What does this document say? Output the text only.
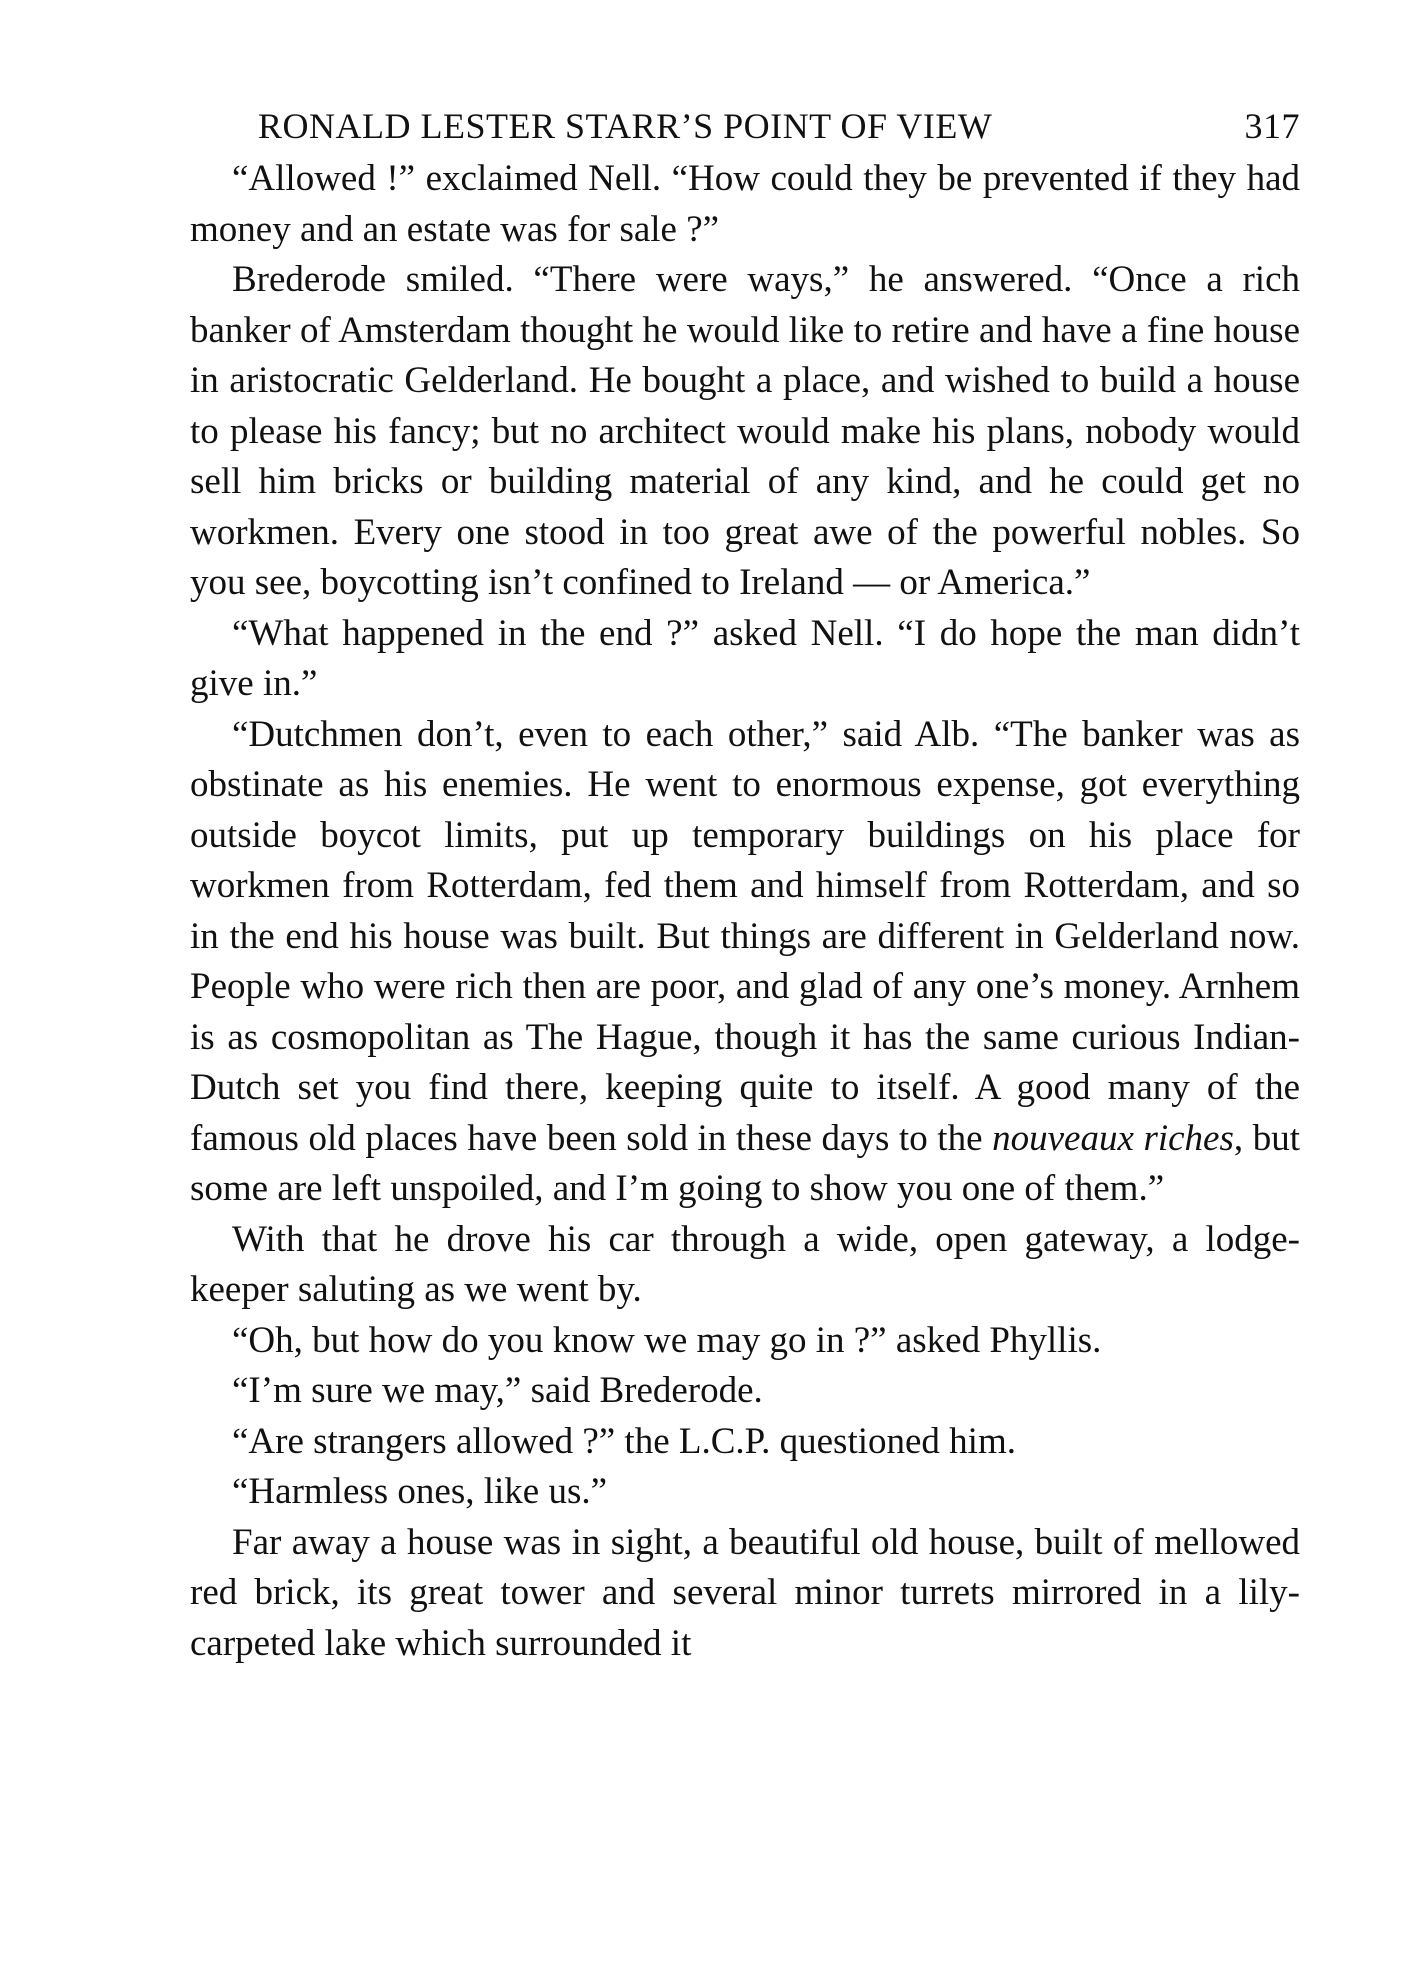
RONALD LESTER STARR’S POINT OF VIEW	317

“Allowed !” exclaimed Nell. “How could they be prevented if they had money and an estate was for sale ?”

Brederode smiled. “There were ways,” he answered. “Once a rich banker of Amsterdam thought he would like to retire and have a fine house in aristocratic Gelderland. He bought a place, and wished to build a house to please his fancy; but no architect would make his plans, nobody would sell him bricks or building material of any kind, and he could get no workmen. Every one stood in too great awe of the powerful nobles. So you see, boycotting isn’t confined to Ireland — or America.”

“What happened in the end ?” asked Nell. “I do hope the man didn’t give in.”

“Dutchmen don’t, even to each other,” said Alb. “The banker was as obstinate as his enemies. He went to enormous expense, got everything outside boycot limits, put up temporary buildings on his place for workmen from Rotterdam, fed them and himself from Rotterdam, and so in the end his house was built. But things are different in Gelderland now. People who were rich then are poor, and glad of any one’s money. Arnhem is as cosmopolitan as The Hague, though it has the same curious Indian-Dutch set you find there, keeping quite to itself. A good many of the famous old places have been sold in these days to the nouveaux riches, but some are left unspoiled, and I’m going to show you one of them.”

With that he drove his car through a wide, open gateway, a lodge-keeper saluting as we went by.

“Oh, but how do you know we may go in ?” asked Phyllis.

“I’m sure we may,” said Brederode.

“Are strangers allowed ?” the L.C.P. questioned him.

“Harmless ones, like us.”

Far away a house was in sight, a beautiful old house, built of mellowed red brick, its great tower and several minor turrets mirrored in a lily-carpeted lake which surrounded it
